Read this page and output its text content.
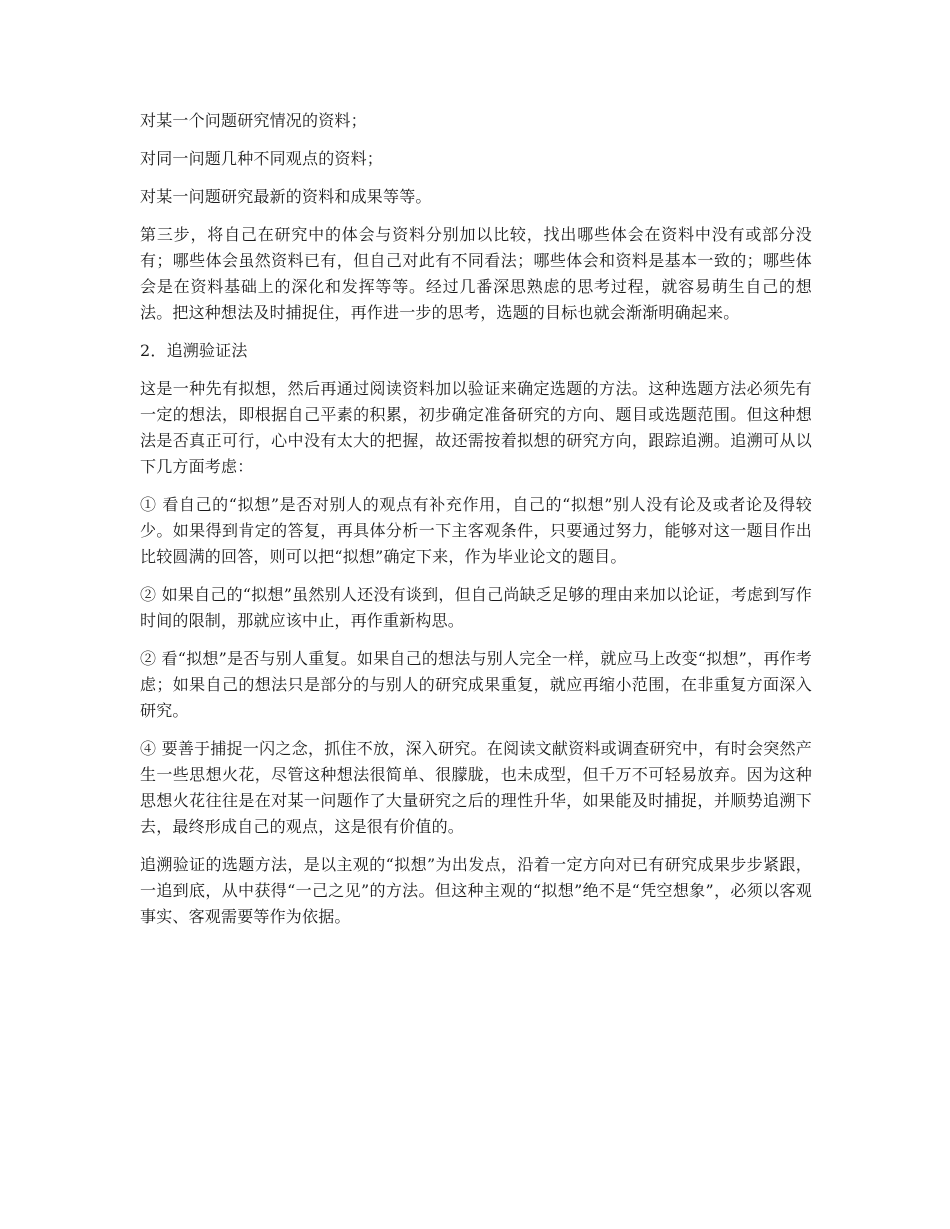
对某一个问题研究情况的资料；

对同一问题几种不同观点的资料；

对某一问题研究最新的资料和成果等等。

第三步，将自己在研究中的体会与资料分别加以比较，找出哪些体会在资料中没有或部分没有；哪些体会虽然资料已有，但自己对此有不同看法；哪些体会和资料是基本一致的；哪些体会是在资料基础上的深化和发挥等等。经过几番深思熟虑的思考过程，就容易萌生自己的想法。把这种想法及时捕捉住，再作进一步的思考，选题的目标也就会渐渐明确起来。

2．追溯验证法

这是一种先有拟想，然后再通过阅读资料加以验证来确定选题的方法。这种选题方法必须先有一定的想法，即根据自己平素的积累，初步确定准备研究的方向、题目或选题范围。但这种想法是否真正可行，心中没有太大的把握，故还需按着拟想的研究方向，跟踪追溯。追溯可从以下几方面考虑：

① 看自己的“拟想”是否对别人的观点有补充作用，自己的“拟想”别人没有论及或者论及得较少。如果得到肯定的答复，再具体分析一下主客观条件，只要通过努力，能够对这一题目作出比较圆满的回答，则可以把“拟想”确定下来，作为毕业论文的题目。

② 如果自己的“拟想”虽然别人还没有谈到，但自己尚缺乏足够的理由来加以论证，考虑到写作时间的限制，那就应该中止，再作重新构思。

② 看“拟想”是否与别人重复。如果自己的想法与别人完全一样，就应马上改变“拟想”，再作考虑；如果自己的想法只是部分的与别人的研究成果重复，就应再缩小范围，在非重复方面深入研究。

④ 要善于捕捉一闪之念，抓住不放，深入研究。在阅读文献资料或调查研究中，有时会突然产生一些思想火花，尽管这种想法很简单、很朦胧，也未成型，但千万不可轻易放弃。因为这种思想火花往往是在对某一问题作了大量研究之后的理性升华，如果能及时捕捉，并顺势追溯下去，最终形成自己的观点，这是很有价值的。

追溯验证的选题方法，是以主观的“拟想”为出发点，沿着一定方向对已有研究成果步步紧跟，一追到底，从中获得“一己之见”的方法。但这种主观的“拟想”绝不是“凭空想象”，必须以客观事实、客观需要等作为依据。
